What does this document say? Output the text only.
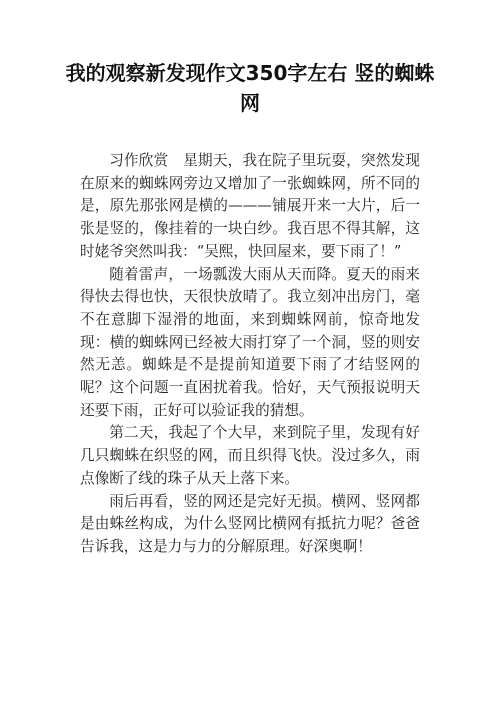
我的观察新发现作文350字左右 竖的蜘蛛网

习作欣赏　星期天，我在院子里玩耍，突然发现在原来的蜘蛛网旁边又增加了一张蜘蛛网，所不同的是，原先那张网是横的———铺展开来一大片，后一张是竖的，像挂着的一块白纱。我百思不得其解，这时姥爷突然叫我：“吴熙，快回屋来，要下雨了！”

随着雷声，一场瓢泼大雨从天而降。夏天的雨来得快去得也快，天很快放晴了。我立刻冲出房门，毫不在意脚下湿滑的地面，来到蜘蛛网前，惊奇地发现：横的蜘蛛网已经被大雨打穿了一个洞，竖的则安然无恙。蜘蛛是不是提前知道要下雨了才结竖网的呢？这个问题一直困扰着我。恰好，天气预报说明天还要下雨，正好可以验证我的猜想。

第二天，我起了个大早，来到院子里，发现有好几只蜘蛛在织竖的网，而且织得飞快。没过多久，雨点像断了线的珠子从天上落下来。

雨后再看，竖的网还是完好无损。横网、竖网都是由蛛丝构成，为什么竖网比横网有抵抗力呢？爸爸告诉我，这是力与力的分解原理。好深奥啊！
